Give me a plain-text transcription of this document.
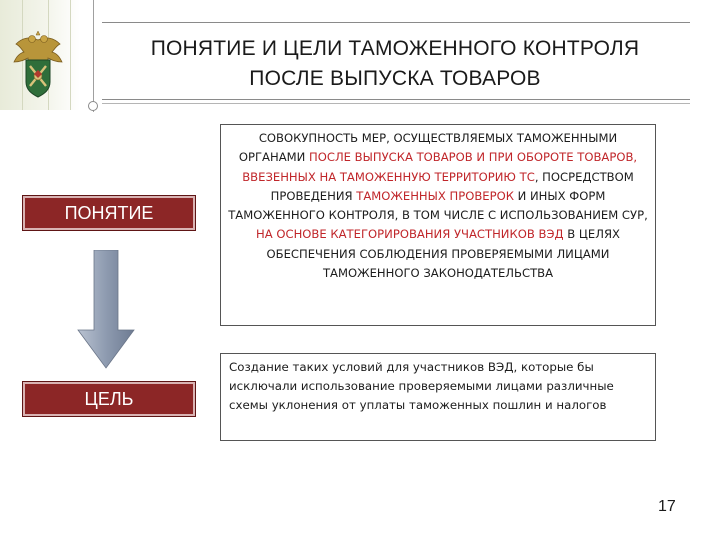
ПОНЯТИЕ И ЦЕЛИ ТАМОЖЕННОГО КОНТРОЛЯ
ПОСЛЕ ВЫПУСКА ТОВАРОВ
ПОНЯТИЕ
ЦЕЛЬ
СОВОКУПНОСТЬ МЕР, ОСУЩЕСТВЛЯЕМЫХ ТАМОЖЕННЫМИ ОРГАНАМИ ПОСЛЕ ВЫПУСКА ТОВАРОВ И ПРИ ОБОРОТЕ ТОВАРОВ, ВВЕЗЕННЫХ НА ТАМОЖЕННУЮ ТЕРРИТОРИЮ ТС, ПОСРЕДСТВОМ ПРОВЕДЕНИЯ ТАМОЖЕННЫХ ПРОВЕРОК И ИНЫХ ФОРМ ТАМОЖЕННОГО КОНТРОЛЯ, В ТОМ ЧИСЛЕ С ИСПОЛЬЗОВАНИЕМ СУР, НА ОСНОВЕ КАТЕГОРИРОВАНИЯ УЧАСТНИКОВ ВЭД В ЦЕЛЯХ ОБЕСПЕЧЕНИЯ СОБЛЮДЕНИЯ ПРОВЕРЯЕМЫМИ ЛИЦАМИ ТАМОЖЕННОГО ЗАКОНОДАТЕЛЬСТВА
Создание таких условий для участников ВЭД, которые бы исключали использование проверяемыми лицами различные схемы уклонения от уплаты таможенных пошлин и налогов
17
